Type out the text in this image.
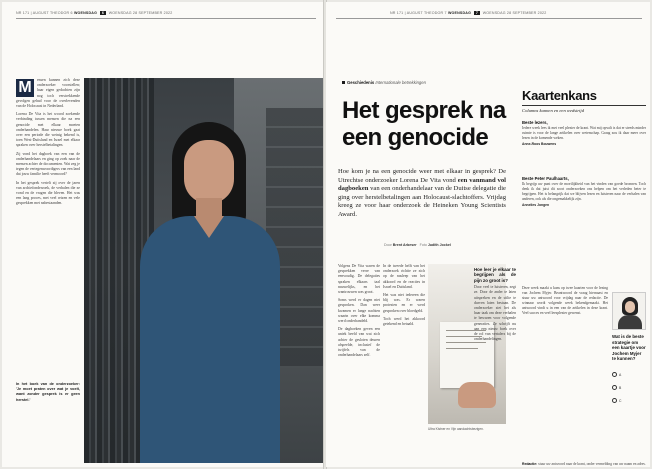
NR 171 | AUGUST THEODOR 6 WOENSDAG 6 WOENSDAG 28 SEPTEMBER 2022
M	ensen kunnen zich deze onderzoeker voorstellen; haar eigen gedachten zijn nog toch verstrekkende gevolgen gehad voor de overlevenden van de Holocaust in Nederland.

Lorena De Vita is het woord zoekende verbinding tussen mensen die na een genocide met elkaar moeten onderhandelen. Haar nieuwe boek gaat over een periode die weinig bekend is, toen West-Duitsland en Israel met elkaar spraken over herstelbetalingen.

Zij vond het dagboek van een van de onderhandelaars en ging op zoek naar de mensen achter de documenten. Wat zeg je tegen de vertegenwoordigers van een land dat jouw familie heeft vermoord?

In het gesprek vertelt zij over de jaren van archiefonderzoek, de verhalen die ze vond en de vragen die bleven. Het was een lang proces, met veel reizen en vele gesprekken met nabestaanden.

In het boek van de onderzoeker: 'Je moet praten over wat je voelt, want zonder gesprek is er geen herstel.'

NR 171 | AUGUST THEODOR 7 WOENSDAG 7 WOENSDAG 28 SEPTEMBER 2022
Geschiedenis Internationale betrekkingen
Het gesprek na een genocide
Hoe kom je na een genocide weer met elkaar in gesprek? De Utrechtse onderzoeker Lorena De Vita vond een vanmand vol dagboeken van een onderhandelaar van de Duitse delegatie die ging over herstelbetalingen aan Holocaust-slachtoffers. Vrijdag kreeg ze voor haar onderzoek de Heineken Young Scientists Award.
Door Brent Arbeser Foto Judith Jockel

Volgens De Vita waren de gesprekken verre van eenvoudig. De delegaties spraken elkaars taal nauwelijks, en het wantrouwen was groot.

Soms werd er dagen niet gesproken. Dan weer kwamen er lange nachten waarin over elke komma werd onderhandeld.

De dagboeken geven een uniek beeld van wat zich achter de gesloten deuren afspeelde, inclusief de twijfels van de onderhandelaars zelf.

In de tweede helft van het onderzoek richtte ze zich op de nasleep van het akkoord en de reacties in Israel en Duitsland.

Het was niet iedereen die blij was. Er waren protesten en er werd gesproken over bloedgeld.

Toch werd het akkoord getekend en betaald.

Ultra Kistner en Vijn aandachtsbezigen.
Hoe leer je elkaar te begrijpen als de pijn zo groot is?

Door veel te luisteren, zegt ze. Door de ander te laten uitspreken en de stilte te durven laten bestaan. De onderzoeker ziet het als haar taak om deze verhalen te bewaren voor volgende generaties. Ze schrijft nu aan een nieuw boek over de rol van vertalers bij de onderhandelingen.

Kaartenkans
Columns kunnen en een wedstrijd
Beste lezers,
Iedere week lees ik met veel plezier de krant. Wat mij opvalt is dat er steeds minder ruimte is voor de lange artikelen over wetenschap. Graag zou ik daar meer over lezen in de komende weken.
Anne-Roos Bouwens
Beste Peter Paulhaarts,
Ik begrijp uw punt over de moeilijkheid van het vinden van goede bronnen. Toch denk ik dat juist dit soort onderzoeken ons helpen om het verleden beter te begrijpen. Het is belangrijk dat we blijven lezen en luisteren naar de verhalen van anderen, ook als die ongemakkelijk zijn.
Annelies Jongen
Deze week maakt u kans op twee kaarten voor de lezing van Jochem Myjer. Beantwoord de vraag hiernaast en stuur uw antwoord voor vrijdag naar de redactie. De winnaar wordt volgende week bekendgemaakt. Het antwoord vindt u in een van de artikelen in deze krant. Veel succes en veel leesplezier gewenst.
Wat is de beste strategie om een kaartje voor Jochem Myjer te kunnen?
A
B
C
Redactie: stuur uw antwoord naar de krant, onder vermelding van uw naam en adres.
